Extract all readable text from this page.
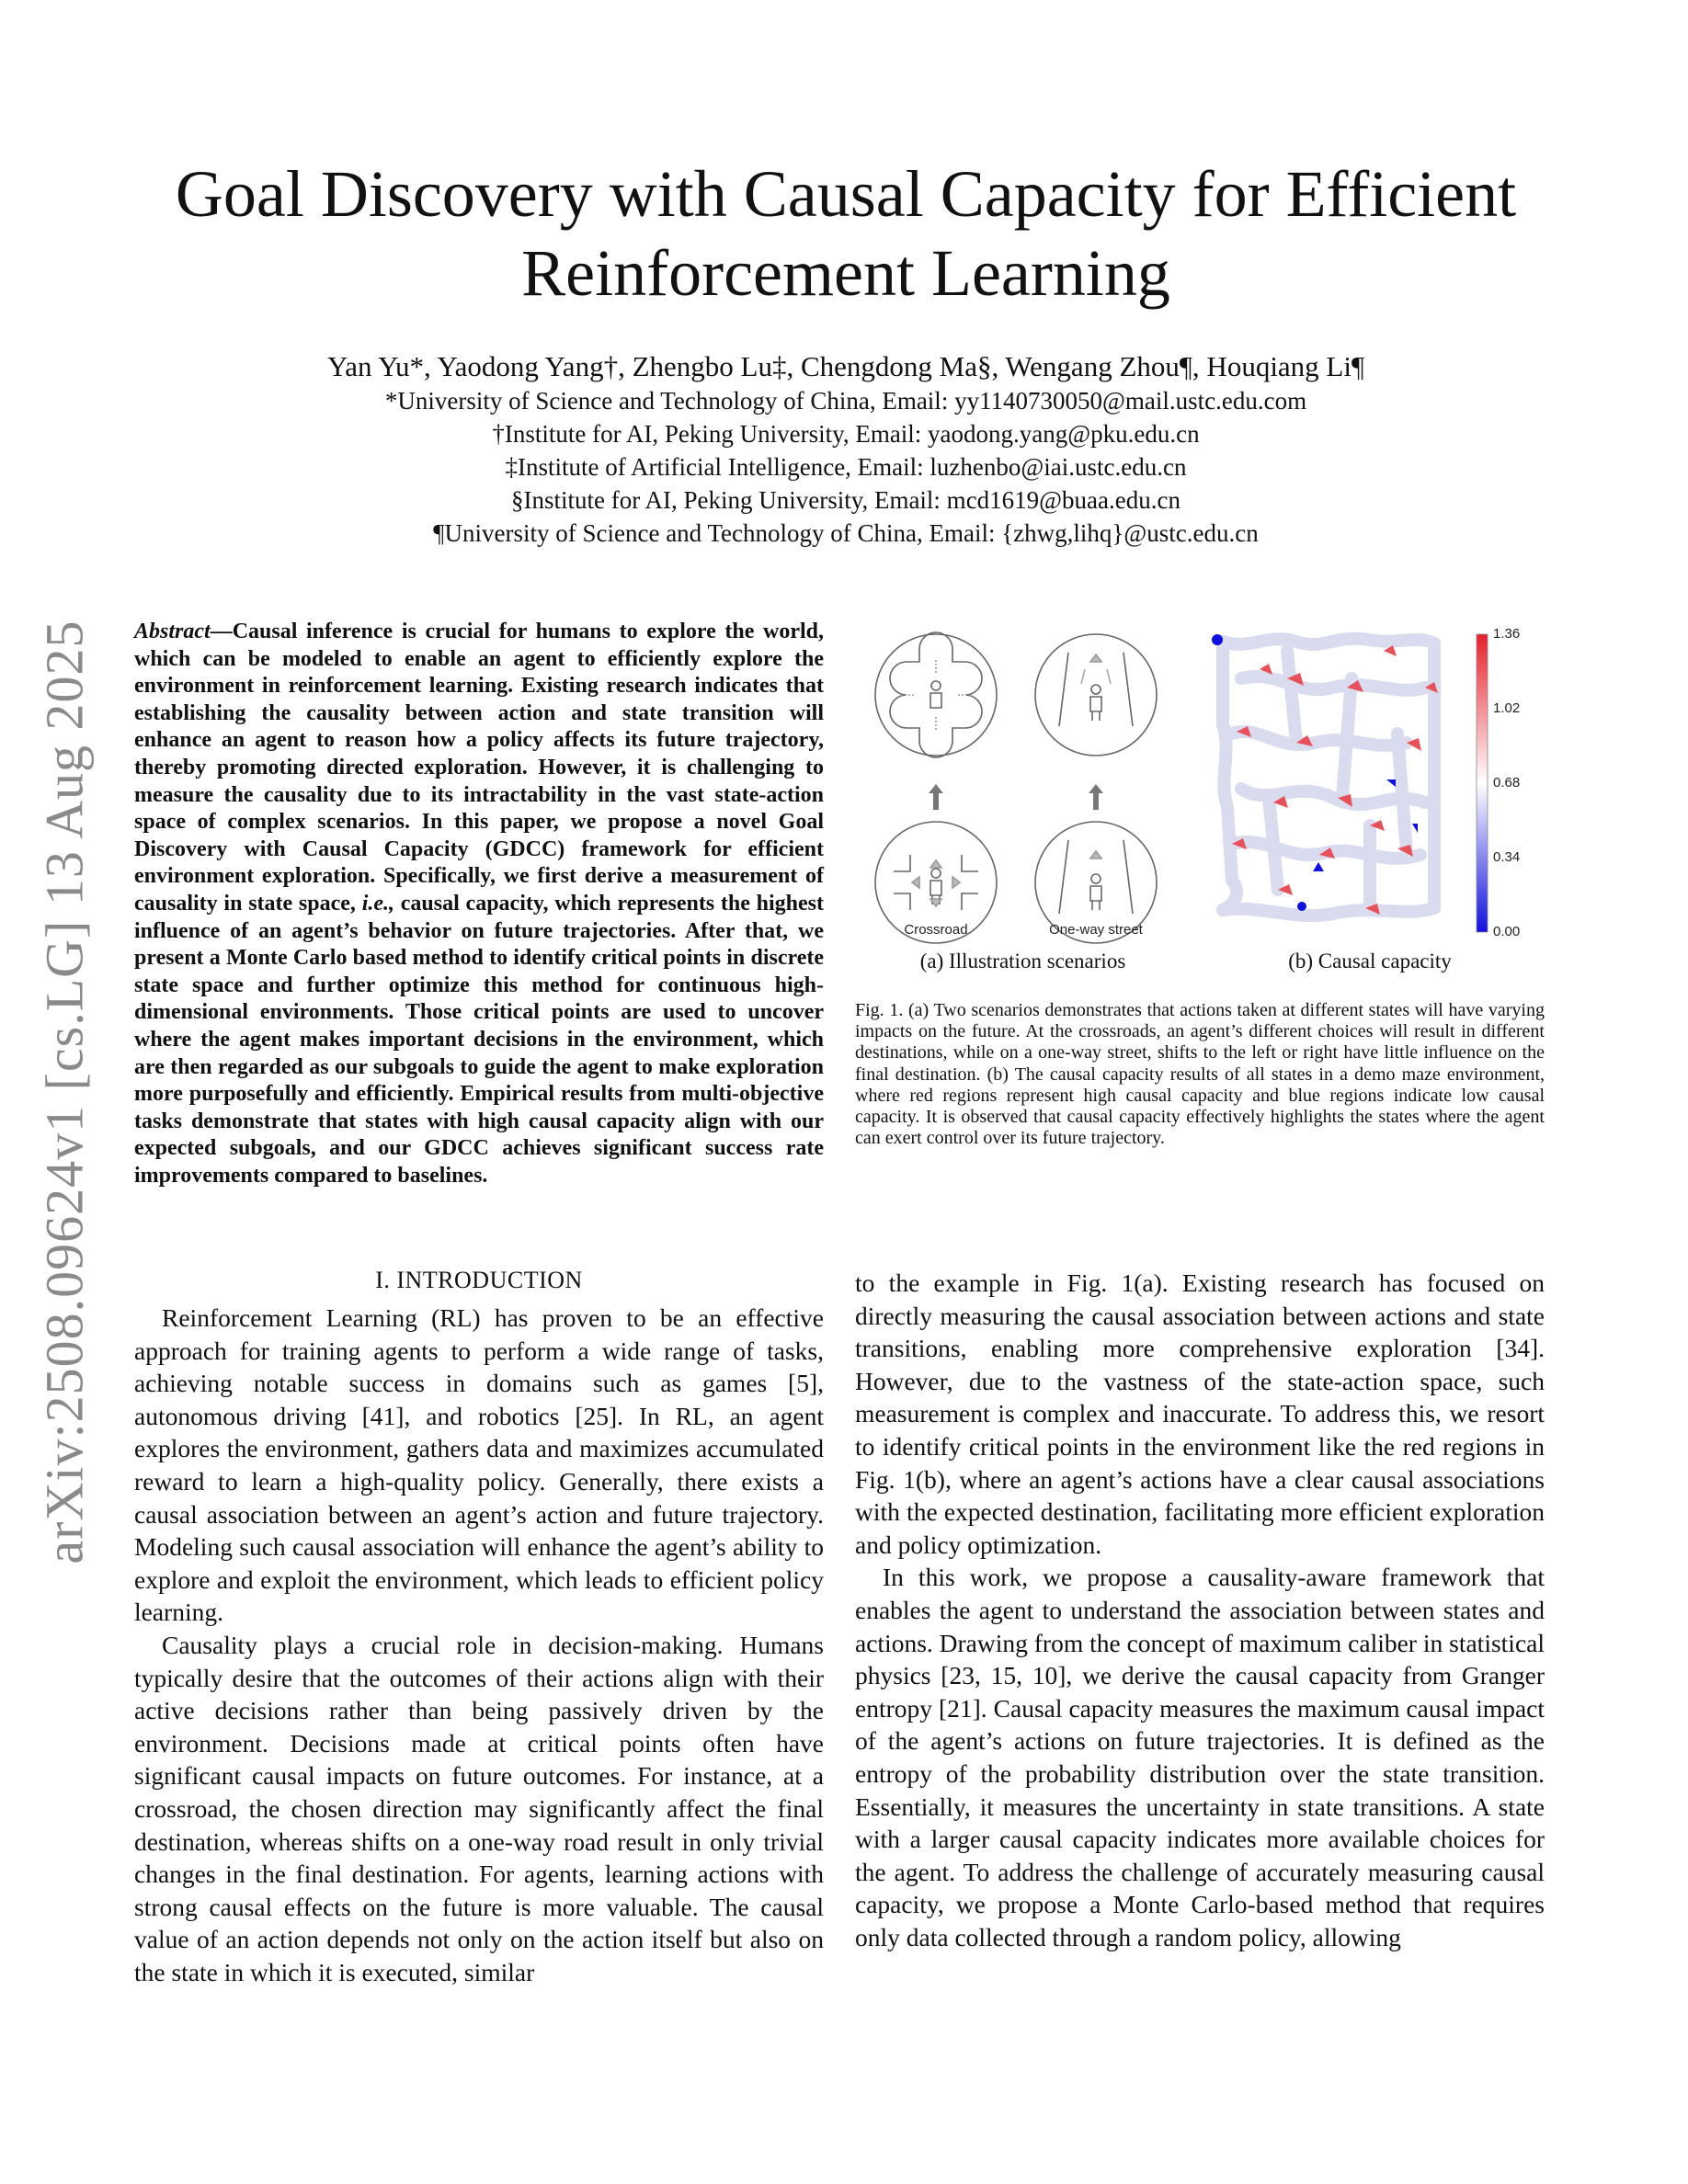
arXiv:2508.09624v1 [cs.LG] 13 Aug 2025
Goal Discovery with Causal Capacity for Efficient Reinforcement Learning
Yan Yu*, Yaodong Yang†, Zhengbo Lu‡, Chengdong Ma§, Wengang Zhou¶, Houqiang Li¶
*University of Science and Technology of China, Email: yy1140730050@mail.ustc.edu.com
†Institute for AI, Peking University, Email: yaodong.yang@pku.edu.cn
‡Institute of Artificial Intelligence, Email: luzhenbo@iai.ustc.edu.cn
§Institute for AI, Peking University, Email: mcd1619@buaa.edu.cn
¶University of Science and Technology of China, Email: {zhwg,lihq}@ustc.edu.cn
Abstract—Causal inference is crucial for humans to explore the world, which can be modeled to enable an agent to efficiently explore the environment in reinforcement learning. Existing research indicates that establishing the causality between action and state transition will enhance an agent to reason how a policy affects its future trajectory, thereby promoting directed exploration. However, it is challenging to measure the causality due to its intractability in the vast state-action space of complex scenarios. In this paper, we propose a novel Goal Discovery with Causal Capacity (GDCC) framework for efficient environment exploration. Specifically, we first derive a measurement of causality in state space, i.e., causal capacity, which represents the highest influence of an agent’s behavior on future trajectories. After that, we present a Monte Carlo based method to identify critical points in discrete state space and further optimize this method for continuous high-dimensional environments. Those critical points are used to uncover where the agent makes important decisions in the environment, which are then regarded as our subgoals to guide the agent to make exploration more purposefully and efficiently. Empirical results from multi-objective tasks demonstrate that states with high causal capacity align with our expected subgoals, and our GDCC achieves significant success rate improvements compared to baselines.
Crossroad	One-way street
1.36
1.02
0.68
0.34
0.00
(a) Illustration scenarios	(b) Causal capacity
Fig. 1. (a) Two scenarios demonstrates that actions taken at different states will have varying impacts on the future. At the crossroads, an agent’s different choices will result in different destinations, while on a one-way street, shifts to the left or right have little influence on the final destination. (b) The causal capacity results of all states in a demo maze environment, where red regions represent high causal capacity and blue regions indicate low causal capacity. It is observed that causal capacity effectively highlights the states where the agent can exert control over its future trajectory.
I. INTRODUCTION

Reinforcement Learning (RL) has proven to be an effective approach for training agents to perform a wide range of tasks, achieving notable success in domains such as games [5], autonomous driving [41], and robotics [25]. In RL, an agent explores the environment, gathers data and maximizes accumulated reward to learn a high-quality policy. Generally, there exists a causal association between an agent’s action and future trajectory. Modeling such causal association will enhance the agent’s ability to explore and exploit the environment, which leads to efficient policy learning.

Causality plays a crucial role in decision-making. Humans typically desire that the outcomes of their actions align with their active decisions rather than being passively driven by the environment. Decisions made at critical points often have significant causal impacts on future outcomes. For instance, at a crossroad, the chosen direction may significantly affect the final destination, whereas shifts on a one-way road result in only trivial changes in the final destination. For agents, learning actions with strong causal effects on the future is more valuable. The causal value of an action depends not only on the action itself but also on the state in which it is executed, similar

to the example in Fig. 1(a). Existing research has focused on directly measuring the causal association between actions and state transitions, enabling more comprehensive exploration [34]. However, due to the vastness of the state-action space, such measurement is complex and inaccurate. To address this, we resort to identify critical points in the environment like the red regions in Fig. 1(b), where an agent’s actions have a clear causal associations with the expected destination, facilitating more efficient exploration and policy optimization.

In this work, we propose a causality-aware framework that enables the agent to understand the association between states and actions. Drawing from the concept of maximum caliber in statistical physics [23, 15, 10], we derive the causal capacity from Granger entropy [21]. Causal capacity measures the maximum causal impact of the agent’s actions on future trajectories. It is defined as the entropy of the probability distribution over the state transition. Essentially, it measures the uncertainty in state transitions. A state with a larger causal capacity indicates more available choices for the agent. To address the challenge of accurately measuring causal capacity, we propose a Monte Carlo-based method that requires only data collected through a random policy, allowing
